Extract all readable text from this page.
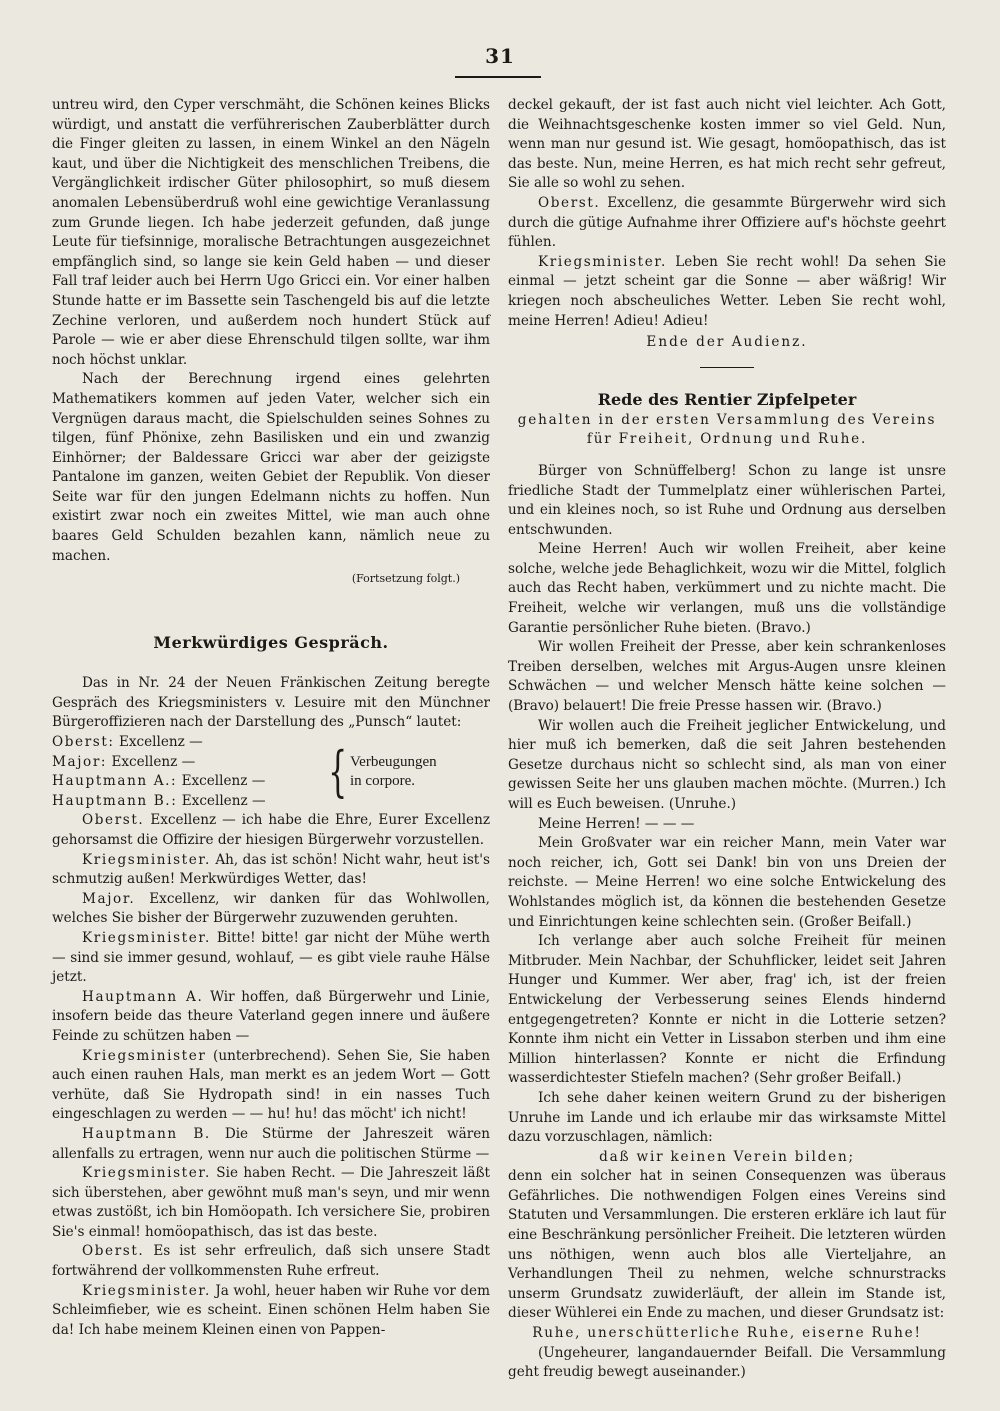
31

untreu wird, den Cyper verschmäht, die Schönen keines Blicks würdigt, und anstatt die verführerischen Zauberblätter durch die Finger gleiten zu lassen, in einem Winkel an den Nägeln kaut, und über die Nichtigkeit des menschlichen Treibens, die Vergänglichkeit irdischer Güter philosophirt, so muß diesem anomalen Lebensüberdruß wohl eine gewichtige Veranlassung zum Grunde liegen. Ich habe jederzeit gefunden, daß junge Leute für tiefsinnige, moralische Betrachtungen ausgezeichnet empfänglich sind, so lange sie kein Geld haben — und dieser Fall traf leider auch bei Herrn Ugo Gricci ein. Vor einer halben Stunde hatte er im Bassette sein Taschengeld bis auf die letzte Zechine verloren, und außerdem noch hundert Stück auf Parole — wie er aber diese Ehrenschuld tilgen sollte, war ihm noch höchst unklar.

Nach der Berechnung irgend eines gelehrten Mathematikers kommen auf jeden Vater, welcher sich ein Vergnügen daraus macht, die Spielschulden seines Sohnes zu tilgen, fünf Phönixe, zehn Basilisken und ein und zwanzig Einhörner; der Baldessare Gricci war aber der geizigste Pantalone im ganzen, weiten Gebiet der Republik. Von dieser Seite war für den jungen Edelmann nichts zu hoffen. Nun existirt zwar noch ein zweites Mittel, wie man auch ohne baares Geld Schulden bezahlen kann, nämlich neue zu machen.

(Fortsetzung folgt.)
Merkwürdiges Gespräch.

Das in Nr. 24 der Neuen Fränkischen Zeitung beregte Gespräch des Kriegsministers v. Lesuire mit den Münchner Bürgeroffizieren nach der Darstellung des „Punsch“ lautet:

Oberst: Excellenz —
Major: Excellenz —
Hauptmann A.: Excellenz —
Hauptmann B.: Excellenz —	{ Verbeugungen
in corpore.

Oberst. Excellenz — ich habe die Ehre, Eurer Excellenz gehorsamst die Offizire der hiesigen Bürgerwehr vorzustellen.

Kriegsminister. Ah, das ist schön! Nicht wahr, heut ist's schmutzig außen! Merkwürdiges Wetter, das!

Major. Excellenz, wir danken für das Wohlwollen, welches Sie bisher der Bürgerwehr zuzuwenden geruhten.

Kriegsminister. Bitte! bitte! gar nicht der Mühe werth — sind sie immer gesund, wohlauf, — es gibt viele rauhe Hälse jetzt.

Hauptmann A. Wir hoffen, daß Bürgerwehr und Linie, insofern beide das theure Vaterland gegen innere und äußere Feinde zu schützen haben —

Kriegsminister (unterbrechend). Sehen Sie, Sie haben auch einen rauhen Hals, man merkt es an jedem Wort — Gott verhüte, daß Sie Hydropath sind! in ein nasses Tuch eingeschlagen zu werden — — hu! hu! das möcht' ich nicht!

Hauptmann B. Die Stürme der Jahreszeit wären allenfalls zu ertragen, wenn nur auch die politischen Stürme —

Kriegsminister. Sie haben Recht. — Die Jahreszeit läßt sich überstehen, aber gewöhnt muß man's seyn, und mir wenn etwas zustößt, ich bin Homöopath. Ich versichere Sie, probiren Sie's einmal! homöopathisch, das ist das beste.

Oberst. Es ist sehr erfreulich, daß sich unsere Stadt fortwährend der vollkommensten Ruhe erfreut.

Kriegsminister. Ja wohl, heuer haben wir Ruhe vor dem Schleimfieber, wie es scheint. Einen schönen Helm haben Sie da! Ich habe meinem Kleinen einen von Pappen-

deckel gekauft, der ist fast auch nicht viel leichter. Ach Gott, die Weihnachtsgeschenke kosten immer so viel Geld. Nun, wenn man nur gesund ist. Wie gesagt, homöopathisch, das ist das beste. Nun, meine Herren, es hat mich recht sehr gefreut, Sie alle so wohl zu sehen.

Oberst. Excellenz, die gesammte Bürgerwehr wird sich durch die gütige Aufnahme ihrer Offiziere auf's höchste geehrt fühlen.

Kriegsminister. Leben Sie recht wohl! Da sehen Sie einmal — jetzt scheint gar die Sonne — aber wäßrig! Wir kriegen noch abscheuliches Wetter. Leben Sie recht wohl, meine Herren! Adieu! Adieu!

Ende der Audienz.
Rede des Rentier Zipfelpeter
gehalten in der ersten Versammlung des Vereins
für Freiheit, Ordnung und Ruhe.

Bürger von Schnüffelberg! Schon zu lange ist unsre friedliche Stadt der Tummelplatz einer wühlerischen Partei, und ein kleines noch, so ist Ruhe und Ordnung aus derselben entschwunden.

Meine Herren! Auch wir wollen Freiheit, aber keine solche, welche jede Behaglichkeit, wozu wir die Mittel, folglich auch das Recht haben, verkümmert und zu nichte macht. Die Freiheit, welche wir verlangen, muß uns die vollständige Garantie persönlicher Ruhe bieten. (Bravo.)

Wir wollen Freiheit der Presse, aber kein schrankenloses Treiben derselben, welches mit Argus-Augen unsre kleinen Schwächen — und welcher Mensch hätte keine solchen — (Bravo) belauert! Die freie Presse hassen wir. (Bravo.)

Wir wollen auch die Freiheit jeglicher Entwickelung, und hier muß ich bemerken, daß die seit Jahren bestehenden Gesetze durchaus nicht so schlecht sind, als man von einer gewissen Seite her uns glauben machen möchte. (Murren.) Ich will es Euch beweisen. (Unruhe.)

Meine Herren! — — —

Mein Großvater war ein reicher Mann, mein Vater war noch reicher, ich, Gott sei Dank! bin von uns Dreien der reichste. — Meine Herren! wo eine solche Entwickelung des Wohlstandes möglich ist, da können die bestehenden Gesetze und Einrichtungen keine schlechten sein. (Großer Beifall.)

Ich verlange aber auch solche Freiheit für meinen Mitbruder. Mein Nachbar, der Schuhflicker, leidet seit Jahren Hunger und Kummer. Wer aber, frag' ich, ist der freien Entwickelung der Verbesserung seines Elends hindernd entgegengetreten? Konnte er nicht in die Lotterie setzen? Konnte ihm nicht ein Vetter in Lissabon sterben und ihm eine Million hinterlassen? Konnte er nicht die Erfindung wasserdichtester Stiefeln machen? (Sehr großer Beifall.)

Ich sehe daher keinen weitern Grund zu der bisherigen Unruhe im Lande und ich erlaube mir das wirksamste Mittel dazu vorzuschlagen, nämlich:

daß wir keinen Verein bilden;

denn ein solcher hat in seinen Consequenzen was überaus Gefährliches. Die nothwendigen Folgen eines Vereins sind Statuten und Versammlungen. Die ersteren erkläre ich laut für eine Beschränkung persönlicher Freiheit. Die letzteren würden uns nöthigen, wenn auch blos alle Vierteljahre, an Verhandlungen Theil zu nehmen, welche schnurstracks unserm Grundsatz zuwiderläuft, der allein im Stande ist, dieser Wühlerei ein Ende zu machen, und dieser Grundsatz ist:

Ruhe, unerschütterliche Ruhe, eiserne Ruhe!

(Ungeheurer, langandauernder Beifall. Die Versammlung geht freudig bewegt auseinander.)
